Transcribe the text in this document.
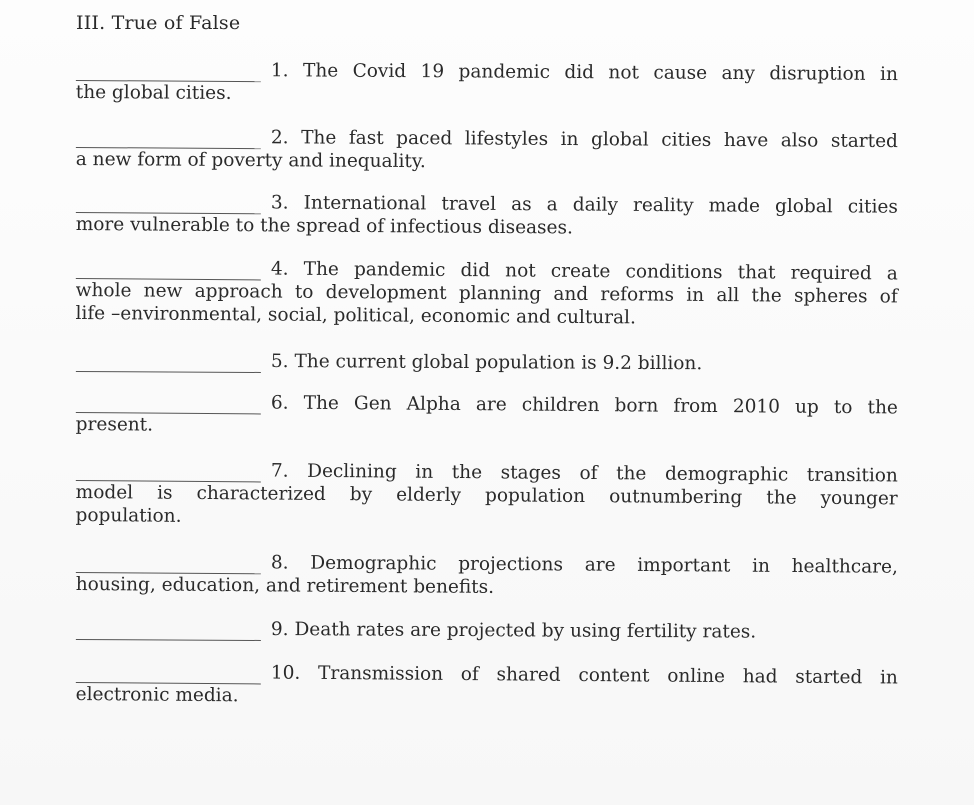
III. True of False
1. The Covid 19 pandemic did not cause any disruption in
the global cities.
2. The fast paced lifestyles in global cities have also started
a new form of poverty and inequality.
3. International travel as a daily reality made global cities
more vulnerable to the spread of infectious diseases.
4. The pandemic did not create conditions that required a
whole new approach to development planning and reforms in all the spheres of
life –environmental, social, political, economic and cultural.
5. The current global population is 9.2 billion.
6. The Gen Alpha are children born from 2010 up to the
present.
7. Declining in the stages of the demographic transition
model is characterized by elderly population outnumbering the younger
population.
8. Demographic projections are important in healthcare,
housing, education, and retirement benefits.
9. Death rates are projected by using fertility rates.
10. Transmission of shared content online had started in
electronic media.
